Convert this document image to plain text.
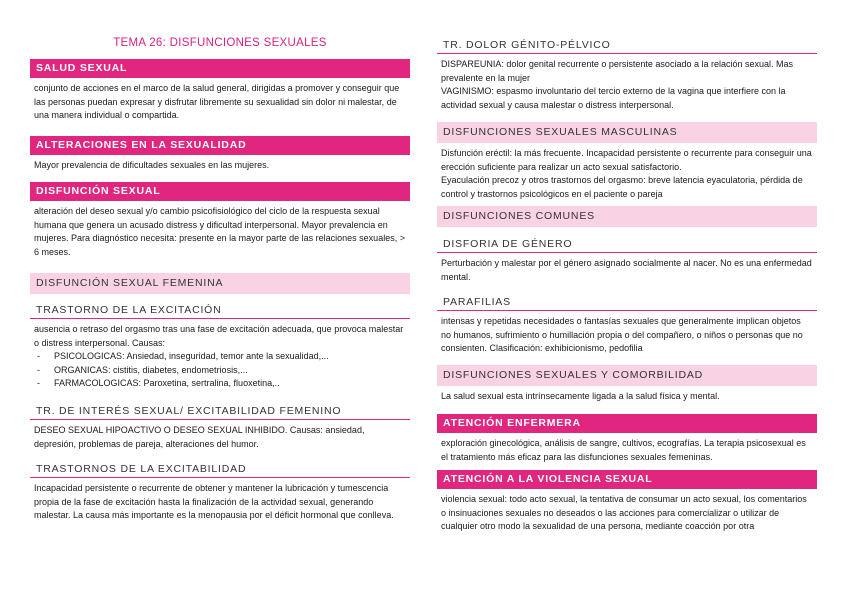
TEMA 26: DISFUNCIONES SEXUALES
SALUD SEXUAL

conjunto de acciones en el marco de la salud general, dirigidas a promover y conseguir que las personas puedan expresar y disfrutar libremente su sexualidad sin dolor ni malestar, de una manera individual o compartida.

ALTERACIONES EN LA SEXUALIDAD

Mayor prevalencia de dificultades sexuales en las mujeres.

DISFUNCIÓN SEXUAL

alteración del deseo sexual y/o cambio psicofisiológico del ciclo de la respuesta sexual humana que genera un acusado distress y dificultad interpersonal. Mayor prevalencia en mujeres. Para diagnóstico necesita: presente en la mayor parte de las relaciones sexuales, > 6 meses.

DISFUNCIÓN SEXUAL FEMENINA
TRASTORNO DE LA EXCITACIÓN

ausencia o retraso del orgasmo tras una fase de excitación adecuada, que provoca malestar o distress interpersonal. Causas:

- PSICOLOGICAS: Ansiedad, inseguridad, temor ante la sexualidad,...
- ORGANICAS: cistitis, diabetes, endometriosis,...
- FARMACOLOGICAS: Paroxetina, sertralina, fluoxetina,..
TR. DE INTERÉS SEXUAL/ EXCITABILIDAD FEMENINO

DESEO SEXUAL HIPOACTIVO O DESEO SEXUAL INHIBIDO. Causas: ansiedad, depresión, problemas de pareja, alteraciones del humor.

TRASTORNOS DE LA EXCITABILIDAD

Incapacidad persistente o recurrente de obtener y mantener la lubricación y tumescencia propia de la fase de excitación hasta la finalización de la actividad sexual, generando malestar. La causa más importante es la menopausia por el déficit hormonal que conlleva.

TR. DOLOR GÉNITO-PÉLVICO

DISPAREUNIA: dolor genital recurrente o persistente asociado a la relación sexual. Mas prevalente en la mujer

VAGINISMO: espasmo involuntario del tercio externo de la vagina que interfiere con la actividad sexual y causa malestar o distress interpersonal.

DISFUNCIONES SEXUALES MASCULINAS

Disfunción eréctil: la más frecuente. Incapacidad persistente o recurrente para conseguir una erección suficiente para realizar un acto sexual satisfactorio.

Eyaculación precoz y otros trastornos del orgasmo: breve latencia eyaculatoria, pérdida de control y trastornos psicológicos en el paciente o pareja

DISFUNCIONES COMUNES
DISFORIA DE GÉNERO

Perturbación y malestar por el género asignado socialmente al nacer. No es una enfermedad mental.

PARAFILIAS

intensas y repetidas necesidades o fantasías sexuales que generalmente implican objetos no humanos, sufrimiento o humillación propia o del compañero, o niños o personas que no consienten. Clasificación: exhibicionismo, pedofilia

DISFUNCIONES SEXUALES Y COMORBILIDAD

La salud sexual esta intrínsecamente ligada a la salud física y mental.

ATENCIÓN ENFERMERA

exploración ginecológica, análisis de sangre, cultivos, ecografías. La terapia psicosexual es el tratamiento más eficaz para las disfunciones sexuales femeninas.

ATENCIÓN A LA VIOLENCIA SEXUAL

violencia sexual: todo acto sexual, la tentativa de consumar un acto sexual, los comentarios o insinuaciones sexuales no deseados o las acciones para comercializar o utilizar de cualquier otro modo la sexualidad de una persona, mediante coacción por otra
